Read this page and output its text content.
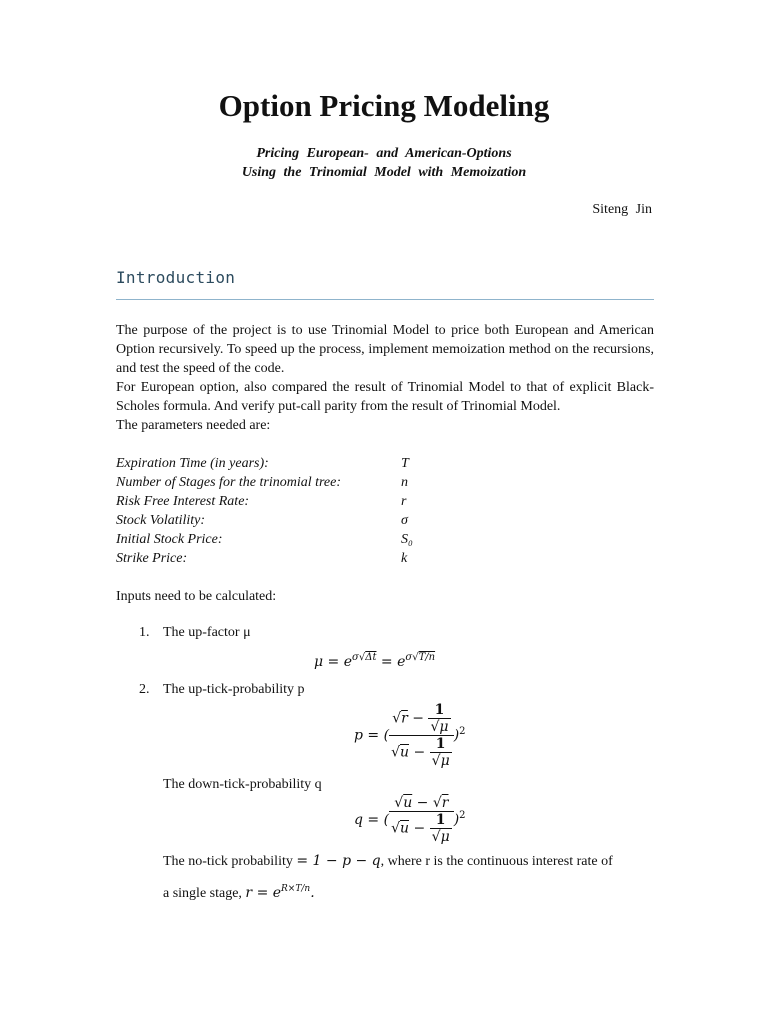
Option Pricing Modeling
Pricing European- and American-Options
Using the Trinomial Model with Memoization
Siteng Jin
Introduction
The purpose of the project is to use Trinomial Model to price both European and American Option recursively. To speed up the process, implement memoization method on the recursions, and test the speed of the code.
For European option, also compared the result of Trinomial Model to that of explicit Black-Scholes formula. And verify put-call parity from the result of Trinomial Model.
The parameters needed are:
Expiration Time (in years):	T
Number of Stages for the trinomial tree:	n
Risk Free Interest Rate:	r
Stock Volatility:	σ
Initial Stock Price:	S₀
Strike Price:	k
Inputs need to be calculated:
1. The up-factor μ
$\mu = e^{\sigma√\Delta t} = e^{\sigma√T/n}$
2. The up-tick-probability p
p = ( $\frac{√r - \frac{1}{√\mu}}{√u - \frac{1}{√\mu}} )^2$
The down-tick-probability q
q = ( $\frac{√u - √r}{√u - \frac{1}{√\mu}} )^2$
The no-tick probability = 1 − p − q, where r is the continuous interest rate of
a single stage, $r = e^{R\times T/n}$.
